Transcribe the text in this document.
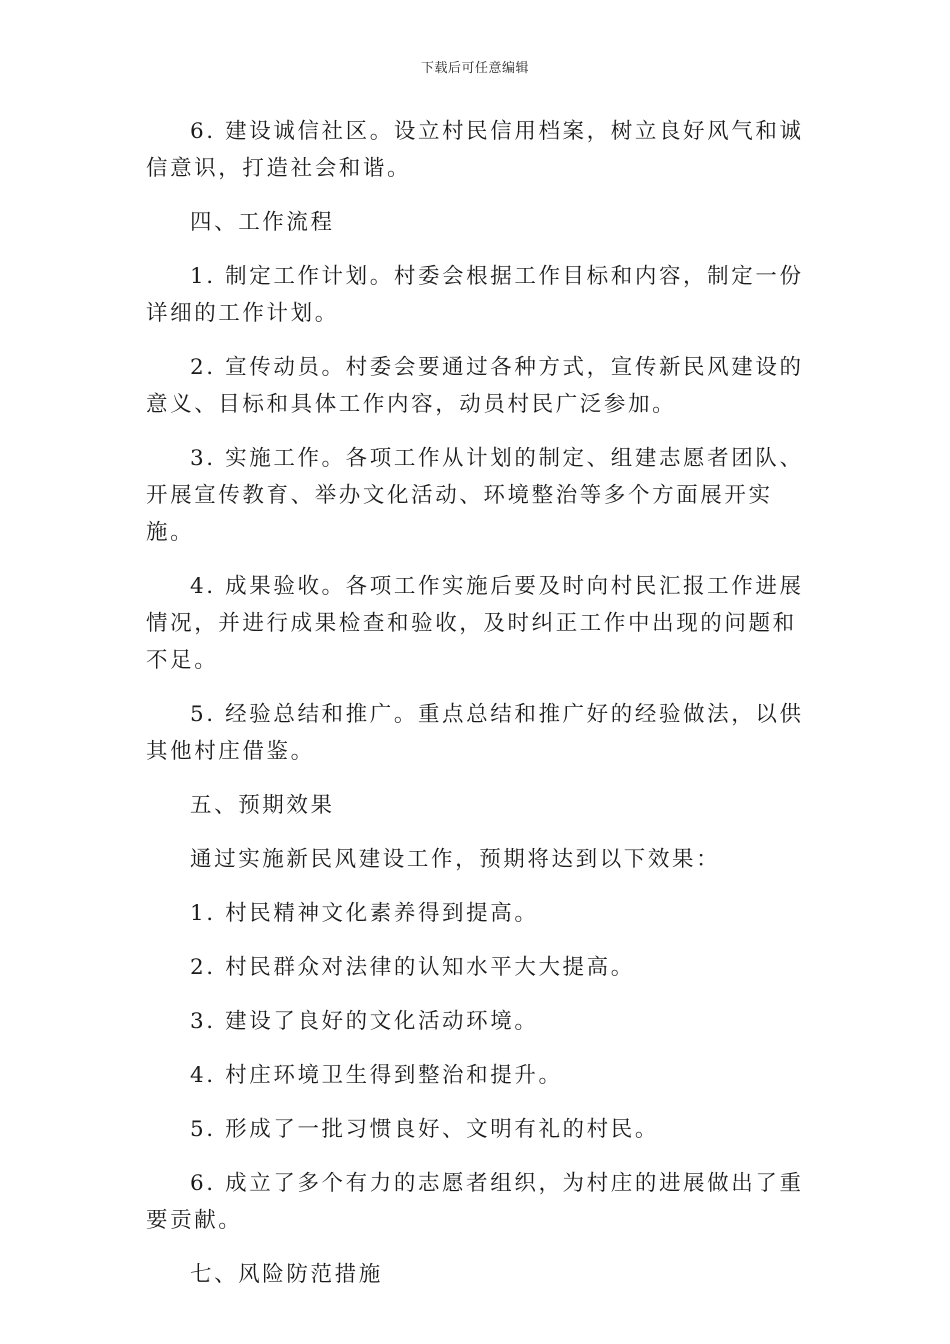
下载后可任意编辑

6. 建设诚信社区。设立村民信用档案，树立良好风气和诚信意识，打造社会和谐。

四、工作流程

1. 制定工作计划。村委会根据工作目标和内容，制定一份详细的工作计划。

2. 宣传动员。村委会要通过各种方式，宣传新民风建设的意义、目标和具体工作内容，动员村民广泛参加。

3. 实施工作。各项工作从计划的制定、组建志愿者团队、开展宣传教育、举办文化活动、环境整治等多个方面展开实施。

4. 成果验收。各项工作实施后要及时向村民汇报工作进展情况，并进行成果检查和验收，及时纠正工作中出现的问题和不足。

5. 经验总结和推广。重点总结和推广好的经验做法，以供其他村庄借鉴。

五、预期效果

通过实施新民风建设工作，预期将达到以下效果：

1. 村民精神文化素养得到提高。

2. 村民群众对法律的认知水平大大提高。

3. 建设了良好的文化活动环境。

4. 村庄环境卫生得到整治和提升。

5. 形成了一批习惯良好、文明有礼的村民。

6. 成立了多个有力的志愿者组织，为村庄的进展做出了重要贡献。

七、风险防范措施
